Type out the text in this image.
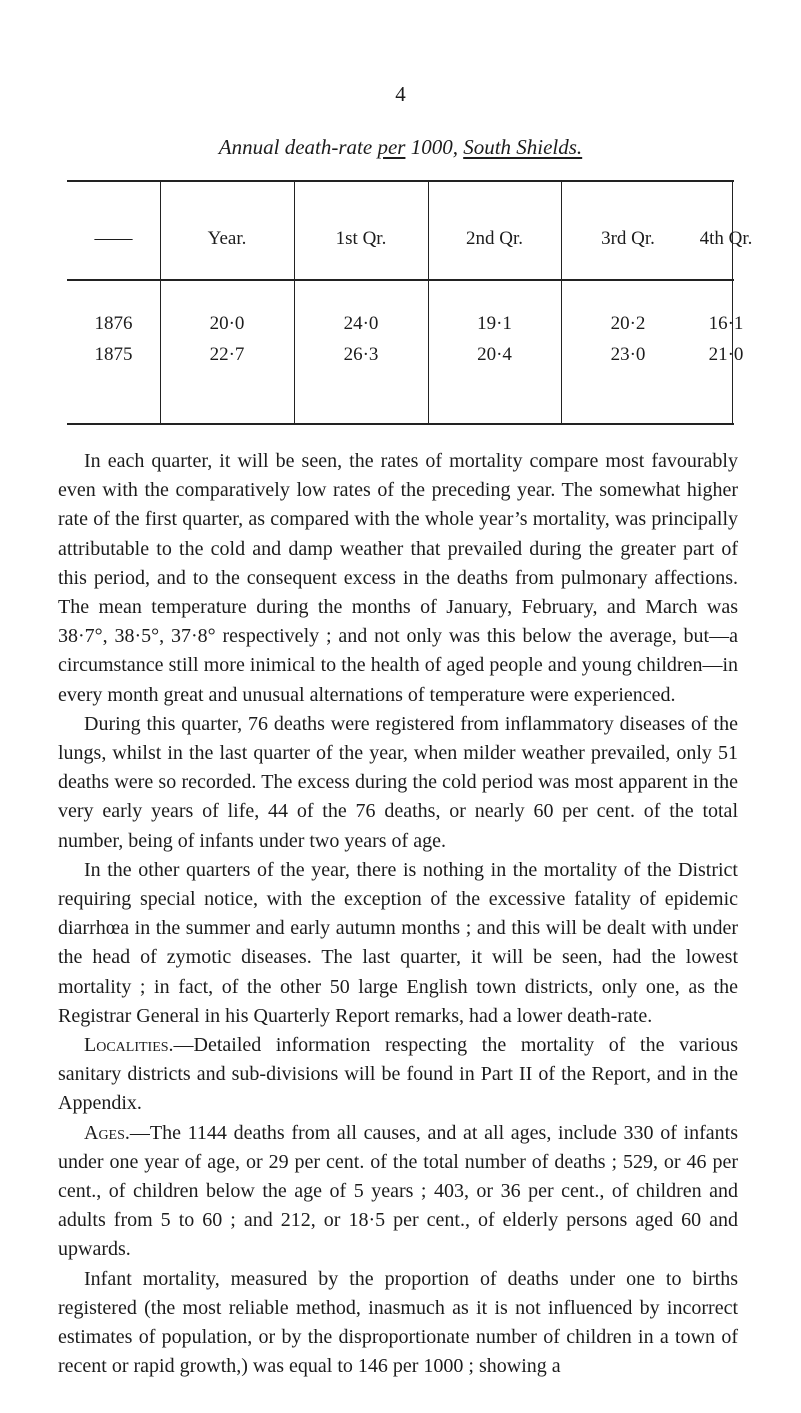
4
Annual death-rate per 1000, South Shields.
——	Year.	1st Qr.	2nd Qr.	3rd Qr.	4th Qr.
1876	20·0	24·0	19·1	20·2	16·1
1875	22·7	26·3	20·4	23·0	21·0

In each quarter, it will be seen, the rates of mortality compare most favourably even with the comparatively low rates of the preceding year. The somewhat higher rate of the first quarter, as compared with the whole year’s mortality, was principally attributable to the cold and damp weather that prevailed during the greater part of this period, and to the consequent excess in the deaths from pulmonary affections. The mean temperature during the months of January, February, and March was 38·7°, 38·5°, 37·8° respectively ; and not only was this below the average, but—a circumstance still more inimical to the health of aged people and young children—in every month great and unusual alternations of temperature were experienced.

During this quarter, 76 deaths were registered from inflammatory diseases of the lungs, whilst in the last quarter of the year, when milder weather prevailed, only 51 deaths were so recorded. The excess during the cold period was most apparent in the very early years of life, 44 of the 76 deaths, or nearly 60 per cent. of the total number, being of infants under two years of age.

In the other quarters of the year, there is nothing in the mortality of the District requiring special notice, with the exception of the excessive fatality of epidemic diarrhœa in the summer and early autumn months ; and this will be dealt with under the head of zymotic diseases. The last quarter, it will be seen, had the lowest mortality ; in fact, of the other 50 large English town districts, only one, as the Registrar General in his Quarterly Report remarks, had a lower death-rate.

Localities.—Detailed information respecting the mortality of the various sanitary districts and sub-divisions will be found in Part II of the Report, and in the Appendix.

Ages.—The 1144 deaths from all causes, and at all ages, include 330 of infants under one year of age, or 29 per cent. of the total number of deaths ; 529, or 46 per cent., of children below the age of 5 years ; 403, or 36 per cent., of children and adults from 5 to 60 ; and 212, or 18·5 per cent., of elderly persons aged 60 and upwards.

Infant mortality, measured by the proportion of deaths under one to births registered (the most reliable method, inasmuch as it is not influenced by incorrect estimates of population, or by the disproportionate number of children in a town of recent or rapid growth,) was equal to 146 per 1000 ; showing a
